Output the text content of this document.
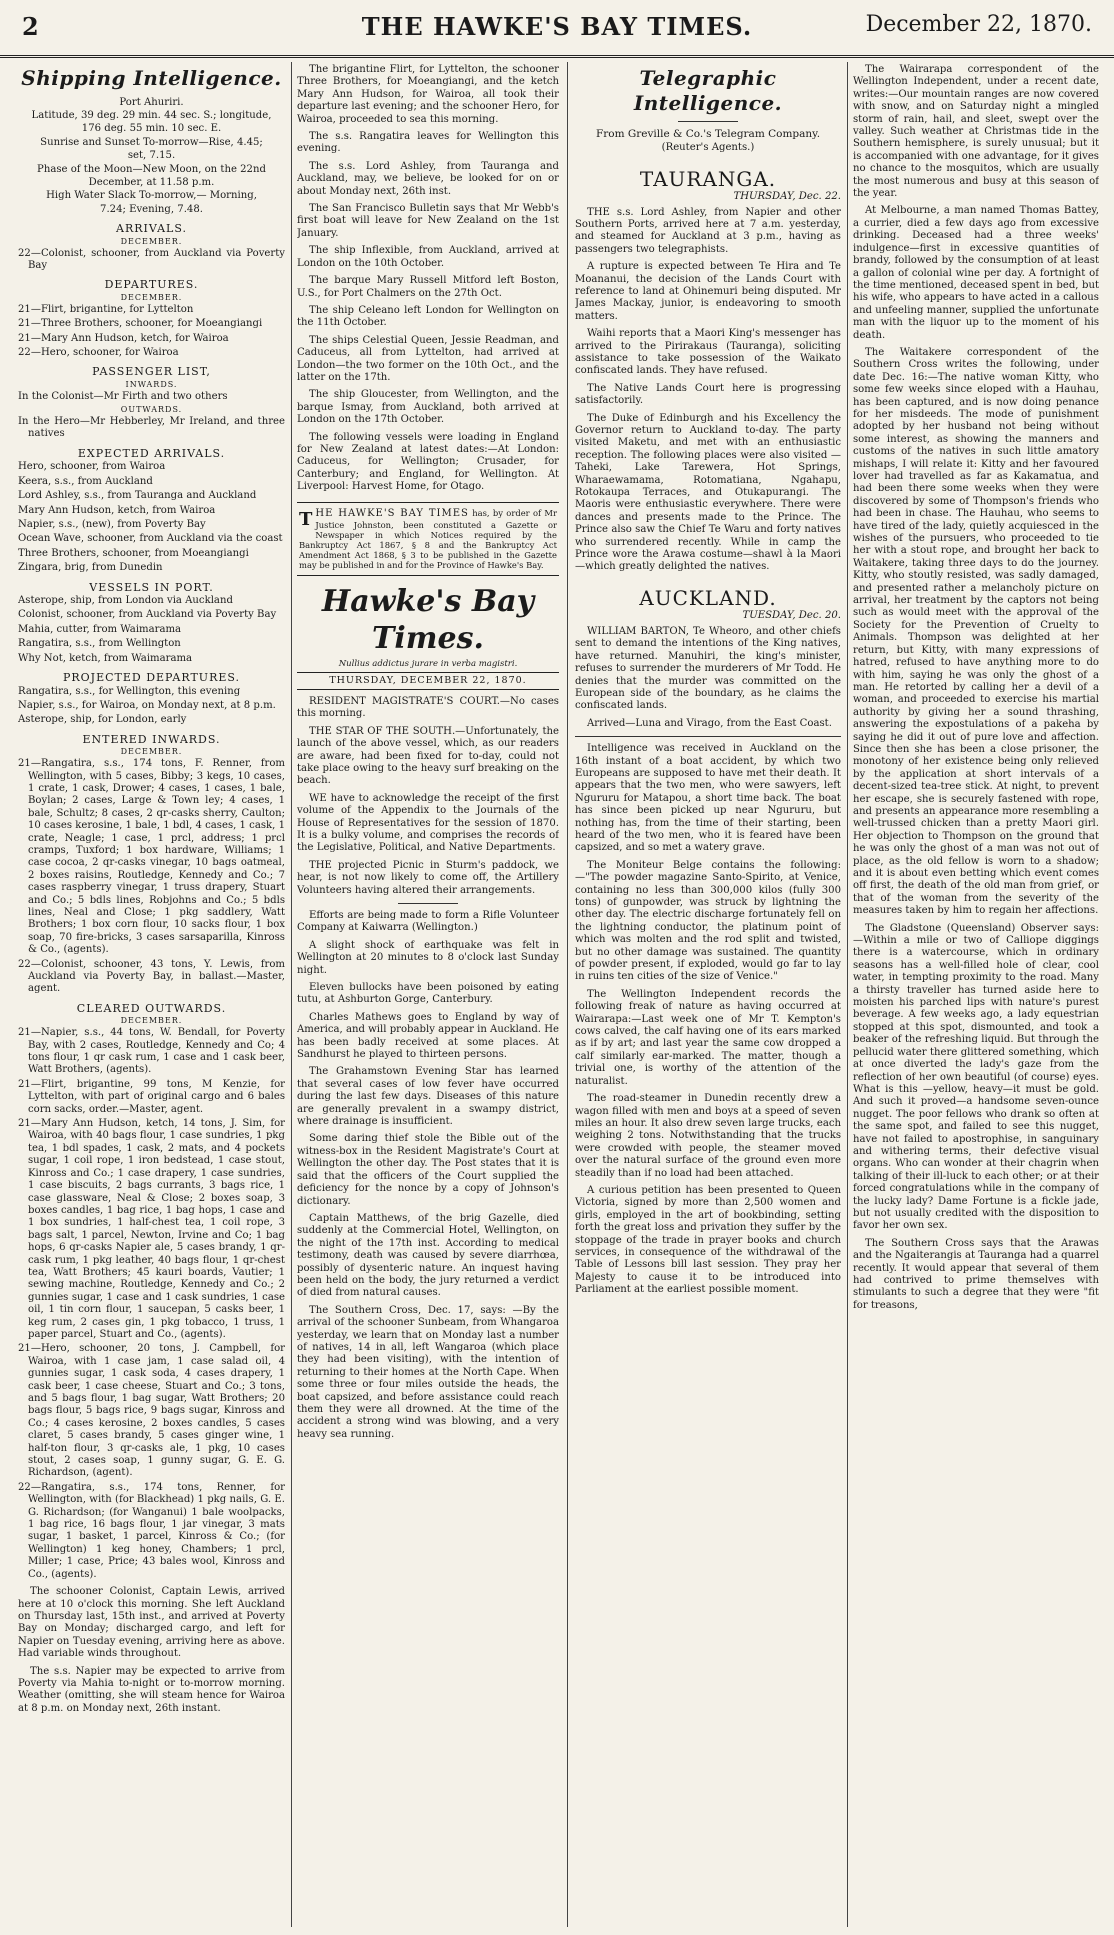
2	THE HAWKE'S BAY TIMES.	December 22, 1870.
Shipping Intelligence.
Port Ahuriri.
Latitude, 39 deg. 29 min. 44 sec. S.; longitude,
176 deg. 55 min. 10 sec. E.
Sunrise and Sunset To-morrow—Rise, 4.45;
set, 7.15.
Phase of the Moon—New Moon, on the 22nd
December, at 11.58 p.m.
High Water Slack To-morrow,— Morning,
7.24; Evening, 7.48.
ARRIVALS.
DECEMBER.
22—Colonist, schooner, from Auckland via Poverty Bay
DEPARTURES.
DECEMBER.
21—Flirt, brigantine, for Lyttelton
21—Three Brothers, schooner, for Moeangiangi
21—Mary Ann Hudson, ketch, for Wairoa
22—Hero, schooner, for Wairoa
PASSENGER LIST,
INWARDS.
In the Colonist—Mr Firth and two others
OUTWARDS.
In the Hero—Mr Hebberley, Mr Ireland, and three natives
EXPECTED ARRIVALS.
Hero, schooner, from Wairoa
Keera, s.s., from Auckland
Lord Ashley, s.s., from Tauranga and Auckland
Mary Ann Hudson, ketch, from Wairoa
Napier, s.s., (new), from Poverty Bay
Ocean Wave, schooner, from Auckland via the coast
Three Brothers, schooner, from Moeangiangi
Zingara, brig, from Dunedin
VESSELS IN PORT.
Asterope, ship, from London via Auckland
Colonist, schooner, from Auckland via Poverty Bay
Mahia, cutter, from Waimarama
Rangatira, s.s., from Wellington
Why Not, ketch, from Waimarama
PROJECTED DEPARTURES.
Rangatira, s.s., for Wellington, this evening
Napier, s.s., for Wairoa, on Monday next, at 8 p.m.
Asterope, ship, for London, early
ENTERED INWARDS.
DECEMBER.
21—Rangatira, s.s., 174 tons, F. Renner, from Wellington, with 5 cases, Bibby; 3 kegs, 10 cases, 1 crate, 1 cask, Drower; 4 cases, 1 cases, 1 bale, Boylan; 2 cases, Large & Town ley; 4 cases, 1 bale, Schultz; 8 cases, 2 qr-casks sherry, Caulton; 10 cases kerosine, 1 bale, 1 bdl, 4 cases, 1 cask, 1 crate, Neagle; 1 case, 1 prcl, address; 1 prcl cramps, Tuxford; 1 box hardware, Williams; 1 case cocoa, 2 qr-casks vinegar, 10 bags oatmeal, 2 boxes raisins, Routledge, Kennedy and Co.; 7 cases raspberry vinegar, 1 truss drapery, Stuart and Co.; 5 bdls lines, Robjohns and Co.; 5 bdls lines, Neal and Close; 1 pkg saddlery, Watt Brothers; 1 box corn flour, 10 sacks flour, 1 box soap, 70 fire-bricks, 3 cases sarsaparilla, Kinross & Co., (agents).
22—Colonist, schooner, 43 tons, Y. Lewis, from Auckland via Poverty Bay, in ballast.—Master, agent.
CLEARED OUTWARDS.
DECEMBER.
21—Napier, s.s., 44 tons, W. Bendall, for Poverty Bay, with 2 cases, Routledge, Kennedy and Co; 4 tons flour, 1 qr cask rum, 1 case and 1 cask beer, Watt Brothers, (agents).
21—Flirt, brigantine, 99 tons, M Kenzie, for Lyttelton, with part of original cargo and 6 bales corn sacks, order.—Master, agent.
21—Mary Ann Hudson, ketch, 14 tons, J. Sim, for Wairoa, with 40 bags flour, 1 case sundries, 1 pkg tea, 1 bdl spades, 1 cask, 2 mats, and 4 pockets sugar, 1 coil rope, 1 iron bedstead, 1 case stout, Kinross and Co.; 1 case drapery, 1 case sundries, 1 case biscuits, 2 bags currants, 3 bags rice, 1 case glassware, Neal & Close; 2 boxes soap, 3 boxes candles, 1 bag rice, 1 bag hops, 1 case and 1 box sundries, 1 half-chest tea, 1 coil rope, 3 bags salt, 1 parcel, Newton, Irvine and Co; 1 bag hops, 6 qr-casks Napier ale, 5 cases brandy, 1 qr-cask rum, 1 pkg leather, 40 bags flour, 1 qr-chest tea, Watt Brothers; 45 kauri boards, Vautier; 1 sewing machine, Routledge, Kennedy and Co.; 2 gunnies sugar, 1 case and 1 cask sundries, 1 case oil, 1 tin corn flour, 1 saucepan, 5 casks beer, 1 keg rum, 2 cases gin, 1 pkg tobacco, 1 truss, 1 paper parcel, Stuart and Co., (agents).
21—Hero, schooner, 20 tons, J. Campbell, for Wairoa, with 1 case jam, 1 case salad oil, 4 gunnies sugar, 1 cask soda, 4 cases drapery, 1 cask beer, 1 case cheese, Stuart and Co.; 3 tons, and 5 bags flour, 1 bag sugar, Watt Brothers; 20 bags flour, 5 bags rice, 9 bags sugar, Kinross and Co.; 4 cases kerosine, 2 boxes candles, 5 cases claret, 5 cases brandy, 5 cases ginger wine, 1 half-ton flour, 3 qr-casks ale, 1 pkg, 10 cases stout, 2 cases soap, 1 gunny sugar, G. E. G. Richardson, (agent).
22—Rangatira, s.s., 174 tons, Renner, for Wellington, with (for Blackhead) 1 pkg nails, G. E. G. Richardson; (for Wanganui) 1 bale woolpacks, 1 bag rice, 16 bags flour, 1 jar vinegar, 3 mats sugar, 1 basket, 1 parcel, Kinross & Co.; (for Wellington) 1 keg honey, Chambers; 1 prcl, Miller; 1 case, Price; 43 bales wool, Kinross and Co., (agents).

The schooner Colonist, Captain Lewis, arrived here at 10 o'clock this morning. She left Auckland on Thursday last, 15th inst., and arrived at Poverty Bay on Monday; discharged cargo, and left for Napier on Tuesday evening, arriving here as above. Had variable winds throughout.

The s.s. Napier may be expected to arrive from Poverty via Mahia to-night or to-morrow morning. Weather (omitting, she will steam hence for Wairoa at 8 p.m. on Monday next, 26th instant.

The brigantine Flirt, for Lyttelton, the schooner Three Brothers, for Moeangiangi, and the ketch Mary Ann Hudson, for Wairoa, all took their departure last evening; and the schooner Hero, for Wairoa, proceeded to sea this morning.

The s.s. Rangatira leaves for Wellington this evening.

The s.s. Lord Ashley, from Tauranga and Auckland, may, we believe, be looked for on or about Monday next, 26th inst.

The San Francisco Bulletin says that Mr Webb's first boat will leave for New Zealand on the 1st January.

The ship Inflexible, from Auckland, arrived at London on the 10th October.

The barque Mary Russell Mitford left Boston, U.S., for Port Chalmers on the 27th Oct.

The ship Celeano left London for Wellington on the 11th October.

The ships Celestial Queen, Jessie Readman, and Caduceus, all from Lyttelton, had arrived at London—the two former on the 10th Oct., and the latter on the 17th.

The ship Gloucester, from Wellington, and the barque Ismay, from Auckland, both arrived at London on the 17th October.

The following vessels were loading in England for New Zealand at latest dates:—At London: Caduceus, for Wellington; Crusader, for Canterbury; and England, for Wellington. At Liverpool: Harvest Home, for Otago.

T HE HAWKE'S BAY TIMES has, by order of Mr Justice Johnston, been constituted a Gazette or Newspaper in which Notices required by the Bankruptcy Act 1867, § 8 and the Bankruptcy Act Amendment Act 1868, § 3 to be published in the Gazette may be published in and for the Province of Hawke's Bay.
Hawke's Bay Times.
Nullius addictus jurare in verba magistri.
THURSDAY, DECEMBER 22, 1870.

RESIDENT MAGISTRATE'S COURT.—No cases this morning.

THE STAR OF THE SOUTH.—Unfortunately, the launch of the above vessel, which, as our readers are aware, had been fixed for to-day, could not take place owing to the heavy surf breaking on the beach.

WE have to acknowledge the receipt of the first volume of the Appendix to the Journals of the House of Representatives for the session of 1870. It is a bulky volume, and comprises the records of the Legislative, Political, and Native Departments.

THE projected Picnic in Sturm's paddock, we hear, is not now likely to come off, the Artillery Volunteers having altered their arrangements.

Efforts are being made to form a Rifle Volunteer Company at Kaiwarra (Wellington.)

A slight shock of earthquake was felt in Wellington at 20 minutes to 8 o'clock last Sunday night.

Eleven bullocks have been poisoned by eating tutu, at Ashburton Gorge, Canterbury.

Charles Mathews goes to England by way of America, and will probably appear in Auckland. He has been badly received at some places. At Sandhurst he played to thirteen persons.

The Grahamstown Evening Star has learned that several cases of low fever have occurred during the last few days. Diseases of this nature are generally prevalent in a swampy district, where drainage is insufficient.

Some daring thief stole the Bible out of the witness-box in the Resident Magistrate's Court at Wellington the other day. The Post states that it is said that the officers of the Court supplied the deficiency for the nonce by a copy of Johnson's dictionary.

Captain Matthews, of the brig Gazelle, died suddenly at the Commercial Hotel, Wellington, on the night of the 17th inst. According to medical testimony, death was caused by severe diarrhœa, possibly of dysenteric nature. An inquest having been held on the body, the jury returned a verdict of died from natural causes.

The Southern Cross, Dec. 17, says: —By the arrival of the schooner Sunbeam, from Whangaroa yesterday, we learn that on Monday last a number of natives, 14 in all, left Wangaroa (which place they had been visiting), with the intention of returning to their homes at the North Cape. When some three or four miles outside the heads, the boat capsized, and before assistance could reach them they were all drowned. At the time of the accident a strong wind was blowing, and a very heavy sea running.

Telegraphic Intelligence.
From Greville & Co.'s Telegram Company.
(Reuter's Agents.)
TAURANGA.
THURSDAY, Dec. 22.

THE s.s. Lord Ashley, from Napier and other Southern Ports, arrived here at 7 a.m. yesterday, and steamed for Auckland at 3 p.m., having as passengers two telegraphists.

A rupture is expected between Te Hira and Te Moananui, the decision of the Lands Court with reference to land at Ohinemuri being disputed. Mr James Mackay, junior, is endeavoring to smooth matters.

Waihi reports that a Maori King's messenger has arrived to the Pirirakaus (Tauranga), soliciting assistance to take possession of the Waikato confiscated lands. They have refused.

The Native Lands Court here is progressing satisfactorily.

The Duke of Edinburgh and his Excellency the Governor return to Auckland to-day. The party visited Maketu, and met with an enthusiastic reception. The following places were also visited —Taheki, Lake Tarewera, Hot Springs, Wharaewamama, Rotomatiana, Ngahapu, Rotokaupa Terraces, and Otukapurangi. The Maoris were enthusiastic everywhere. There were dances and presents made to the Prince. The Prince also saw the Chief Te Waru and forty natives who surrendered recently. While in camp the Prince wore the Arawa costume—shawl à la Maori—which greatly delighted the natives.

AUCKLAND.
TUESDAY, Dec. 20.

WILLIAM BARTON, Te Wheoro, and other chiefs sent to demand the intentions of the King natives, have returned. Manuhiri, the king's minister, refuses to surrender the murderers of Mr Todd. He denies that the murder was committed on the European side of the boundary, as he claims the confiscated lands.

Arrived—Luna and Virago, from the East Coast.

Intelligence was received in Auckland on the 16th instant of a boat accident, by which two Europeans are supposed to have met their death. It appears that the two men, who were sawyers, left Ngururu for Matapou, a short time back. The boat has since been picked up near Ngururu, but nothing has, from the time of their starting, been heard of the two men, who it is feared have been capsized, and so met a watery grave.

The Moniteur Belge contains the following:—"The powder magazine Santo-Spirito, at Venice, containing no less than 300,000 kilos (fully 300 tons) of gunpowder, was struck by lightning the other day. The electric discharge fortunately fell on the lightning conductor, the platinum point of which was molten and the rod split and twisted, but no other damage was sustained. The quantity of powder present, if exploded, would go far to lay in ruins ten cities of the size of Venice."

The Wellington Independent records the following freak of nature as having occurred at Wairarapa:—Last week one of Mr T. Kempton's cows calved, the calf having one of its ears marked as if by art; and last year the same cow dropped a calf similarly ear-marked. The matter, though a trivial one, is worthy of the attention of the naturalist.

The road-steamer in Dunedin recently drew a wagon filled with men and boys at a speed of seven miles an hour. It also drew seven large trucks, each weighing 2 tons. Notwithstanding that the trucks were crowded with people, the steamer moved over the natural surface of the ground even more steadily than if no load had been attached.

A curious petition has been presented to Queen Victoria, signed by more than 2,500 women and girls, employed in the art of bookbinding, setting forth the great loss and privation they suffer by the stoppage of the trade in prayer books and church services, in consequence of the withdrawal of the Table of Lessons bill last session. They pray her Majesty to cause it to be introduced into Parliament at the earliest possible moment.

The Wairarapa correspondent of the Wellington Independent, under a recent date, writes:—Our mountain ranges are now covered with snow, and on Saturday night a mingled storm of rain, hail, and sleet, swept over the valley. Such weather at Christmas tide in the Southern hemisphere, is surely unusual; but it is accompanied with one advantage, for it gives no chance to the mosquitos, which are usually the most numerous and busy at this season of the year.

At Melbourne, a man named Thomas Battey, a currier, died a few days ago from excessive drinking. Deceased had a three weeks' indulgence—first in excessive quantities of brandy, followed by the consumption of at least a gallon of colonial wine per day. A fortnight of the time mentioned, deceased spent in bed, but his wife, who appears to have acted in a callous and unfeeling manner, supplied the unfortunate man with the liquor up to the moment of his death.

The Waitakere correspondent of the Southern Cross writes the following, under date Dec. 16:—The native woman Kitty, who some few weeks since eloped with a Hauhau, has been captured, and is now doing penance for her misdeeds. The mode of punishment adopted by her husband not being without some interest, as showing the manners and customs of the natives in such little amatory mishaps, I will relate it: Kitty and her favoured lover had travelled as far as Kakamatua, and had been there some weeks when they were discovered by some of Thompson's friends who had been in chase. The Hauhau, who seems to have tired of the lady, quietly acquiesced in the wishes of the pursuers, who proceeded to tie her with a stout rope, and brought her back to Waitakere, taking three days to do the journey. Kitty, who stoutly resisted, was sadly damaged, and presented rather a melancholy picture on arrival, her treatment by the captors not being such as would meet with the approval of the Society for the Prevention of Cruelty to Animals. Thompson was delighted at her return, but Kitty, with many expressions of hatred, refused to have anything more to do with him, saying he was only the ghost of a man. He retorted by calling her a devil of a woman, and proceeded to exercise his martial authority by giving her a sound thrashing, answering the expostulations of a pakeha by saying he did it out of pure love and affection. Since then she has been a close prisoner, the monotony of her existence being only relieved by the application at short intervals of a decent-sized tea-tree stick. At night, to prevent her escape, she is securely fastened with rope, and presents an appearance more resembling a well-trussed chicken than a pretty Maori girl. Her objection to Thompson on the ground that he was only the ghost of a man was not out of place, as the old fellow is worn to a shadow; and it is about even betting which event comes off first, the death of the old man from grief, or that of the woman from the severity of the measures taken by him to regain her affections.

The Gladstone (Queensland) Observer says:—Within a mile or two of Calliope diggings there is a watercourse, which in ordinary seasons has a well-filled hole of clear, cool water, in tempting proximity to the road. Many a thirsty traveller has turned aside here to moisten his parched lips with nature's purest beverage. A few weeks ago, a lady equestrian stopped at this spot, dismounted, and took a beaker of the refreshing liquid. But through the pellucid water there glittered something, which at once diverted the lady's gaze from the reflection of her own beautiful (of course) eyes. What is this —yellow, heavy—it must be gold. And such it proved—a handsome seven-ounce nugget. The poor fellows who drank so often at the same spot, and failed to see this nugget, have not failed to apostrophise, in sanguinary and withering terms, their defective visual organs. Who can wonder at their chagrin when talking of their ill-luck to each other; or at their forced congratulations while in the company of the lucky lady? Dame Fortune is a fickle jade, but not usually credited with the disposition to favor her own sex.

The Southern Cross says that the Arawas and the Ngaiterangis at Tauranga had a quarrel recently. It would appear that several of them had contrived to prime themselves with stimulants to such a degree that they were "fit for treasons,
